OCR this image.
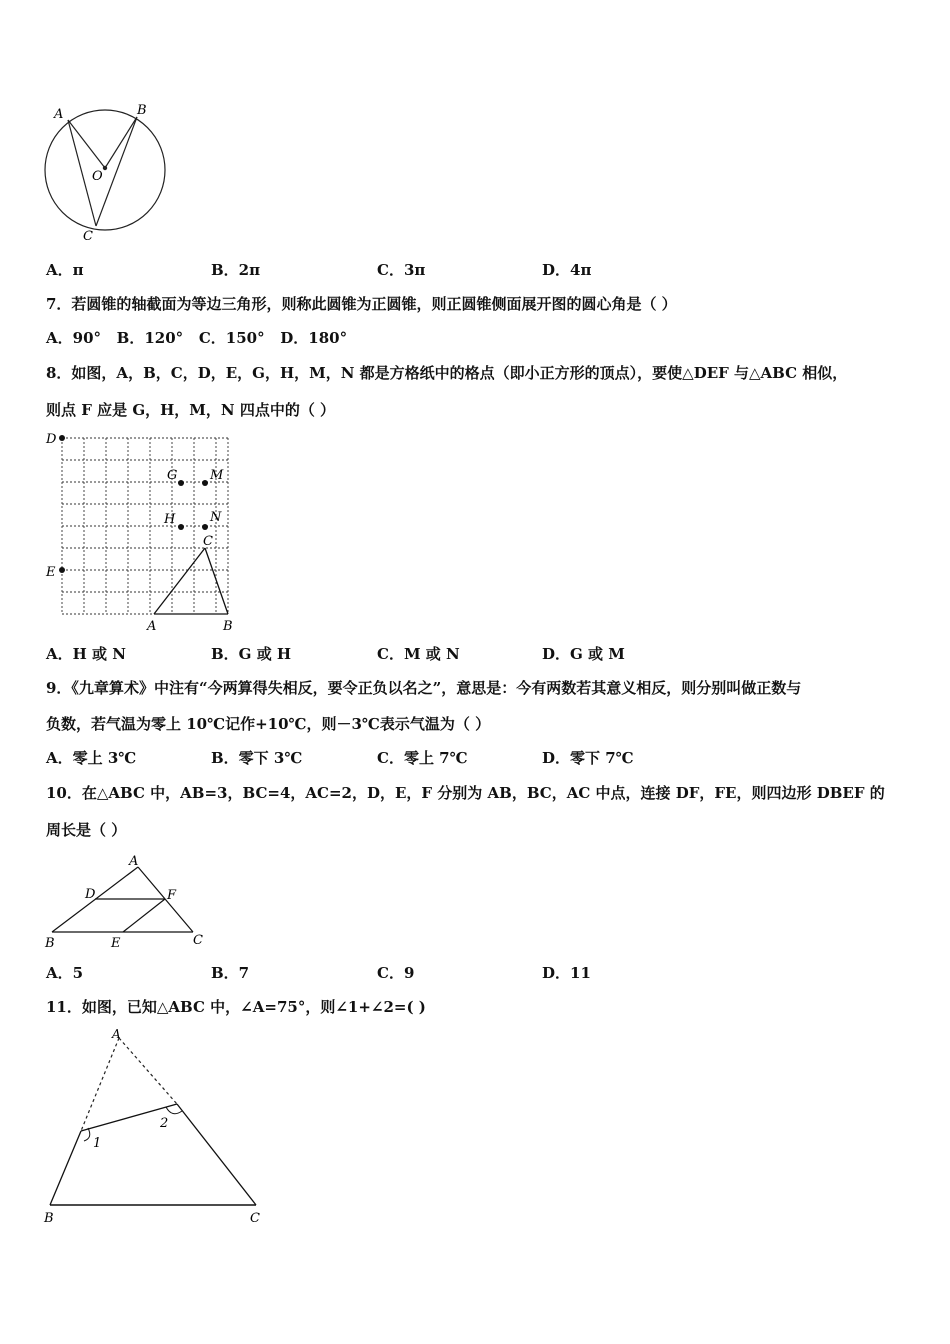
A	B
O
C
A．π	B．2π	C．3π	D．4π
7．若圆锥的轴截面为等边三角形，则称此圆锥为正圆锥，则正圆锥侧面展开图的圆心角是（ ）
A．90°   B．120°   C．150°   D．180°
8．如图，A，B，C，D，E，G，H，M，N 都是方格纸中的格点（即小正方形的顶点），要使△DEF 与△ABC 相似，
则点 F 应是 G，H，M，N 四点中的（ ）
D
E
G	M
H	N
C
A	B
A．H 或 N	B．G 或 H	C．M 或 N	D．G 或 M
9．《九章算术》中注有“今两算得失相反，要令正负以名之”，意思是：今有两数若其意义相反，则分别叫做正数与
负数，若气温为零上 10℃记作+10℃，则－3℃表示气温为（ ）
A．零上 3℃	B．零下 3℃	C．零上 7℃	D．零下 7℃
10．在△ABC 中，AB=3，BC=4，AC=2，D，E，F 分别为 AB，BC，AC 中点，连接 DF，FE，则四边形 DBEF 的
周长是（ ）
A
D	F
B	E	C
A．5	B．7	C．9	D．11
11．如图，已知△ABC 中，∠A=75°，则∠1+∠2=( )
A
1
2
B	C
